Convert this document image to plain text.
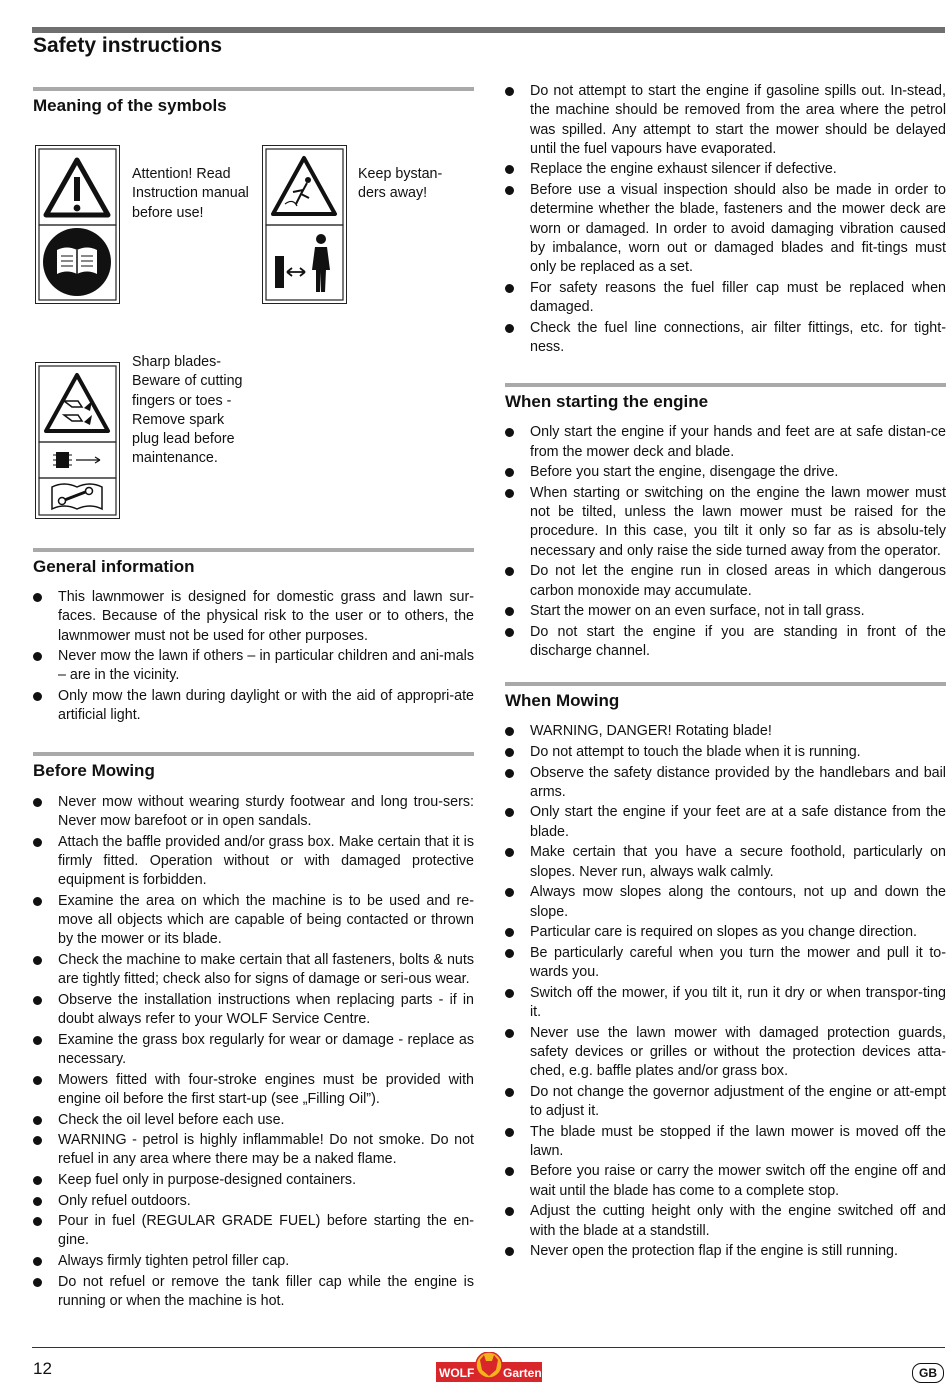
Safety instructions
Meaning of the symbols
Attention! Read Instruction manual before use!
Keep bystan-ders away!
Sharp blades- Beware of cutting fingers or toes - Remove spark plug lead before maintenance.
General information
This lawnmower is designed for domestic grass and lawn sur-faces. Because of the physical risk to the user or to others, the lawnmower must not be used for other purposes.
Never mow the lawn if others – in particular children and ani-mals – are in the vicinity.
Only mow the lawn during daylight or with the aid of appropri-ate artificial light.
Before Mowing
Never mow without wearing sturdy footwear and long trou-sers: Never mow barefoot or in open sandals.
Attach the baffle provided and/or grass box. Make certain that it is firmly fitted. Operation without or with damaged protective equipment is forbidden.
Examine the area on which the machine is to be used and re-move all objects which are capable of being contacted or thrown by the mower or its blade.
Check the machine to make certain that all fasteners, bolts & nuts are tightly fitted; check also for signs of damage or seri-ous wear.
Observe the installation instructions when replacing parts - if in doubt always refer to your WOLF Service Centre.
Examine the grass box regularly for wear or damage - replace as necessary.
Mowers fitted with four-stroke engines must be provided with engine oil before the first start-up (see „Filling Oil”).
Check the oil level before each use.
WARNING - petrol is highly inflammable! Do not smoke. Do not refuel in any area where there may be a naked flame.
Keep fuel only in purpose-designed containers.
Only refuel outdoors.
Pour in fuel (REGULAR GRADE FUEL) before starting the en-gine.
Always firmly tighten petrol filler cap.
Do not refuel or remove the tank filler cap while the engine is running or when the machine is hot.
Do not attempt to start the engine if gasoline spills out. In-stead, the machine should be removed from the area where the petrol was spilled. Any attempt to start the mower should be delayed until the fuel vapours have evaporated.
Replace the engine exhaust silencer if defective.
Before use a visual inspection should also be made in order to determine whether the blade, fasteners and the mower deck are worn or damaged. In order to avoid damaging vibration caused by imbalance, worn out or damaged blades and fit-tings must only be replaced as a set.
For safety reasons the fuel filler cap must be replaced when damaged.
Check the fuel line connections, air filter fittings, etc. for tight-ness.
When starting the engine
Only start the engine if your hands and feet are at safe distan-ce from the mower deck and blade.
Before you start the engine, disengage the drive.
When starting or switching on the engine the lawn mower must not be tilted, unless the lawn mower must be raised for the procedure. In this case, you tilt it only so far as is absolu-tely necessary and only raise the side turned away from the operator.
Do not let the engine run in closed areas in which dangerous carbon monoxide may accumulate.
Start the mower on an even surface, not in tall grass.
Do not start the engine if you are standing in front of the discharge channel.
When Mowing
WARNING, DANGER! Rotating blade!
Do not attempt to touch the blade when it is running.
Observe the safety distance provided by the handlebars and bail arms.
Only start the engine if your feet are at a safe distance from the blade.
Make certain that you have a secure foothold, particularly on slopes. Never run, always walk calmly.
Always mow slopes along the contours, not up and down the slope.
Particular care is required on slopes as you change direction.
Be particularly careful when you turn the mower and pull it to-wards you.
Switch off the mower, if you tilt it, run it dry or when transpor-ting it.
Never use the lawn mower with damaged protection guards, safety devices or grilles or without the protection devices atta-ched, e.g. baffle plates and/or grass box.
Do not change the governor adjustment of the engine or att-empt to adjust it.
The blade must be stopped if the lawn mower is moved off the lawn.
Before you raise or carry the mower switch off the engine off and wait until the blade has come to a complete stop.
Adjust the cutting height only with the engine switched off and with the blade at a standstill.
Never open the protection flap if the engine is still running.
12	WOLF Garten	GB
